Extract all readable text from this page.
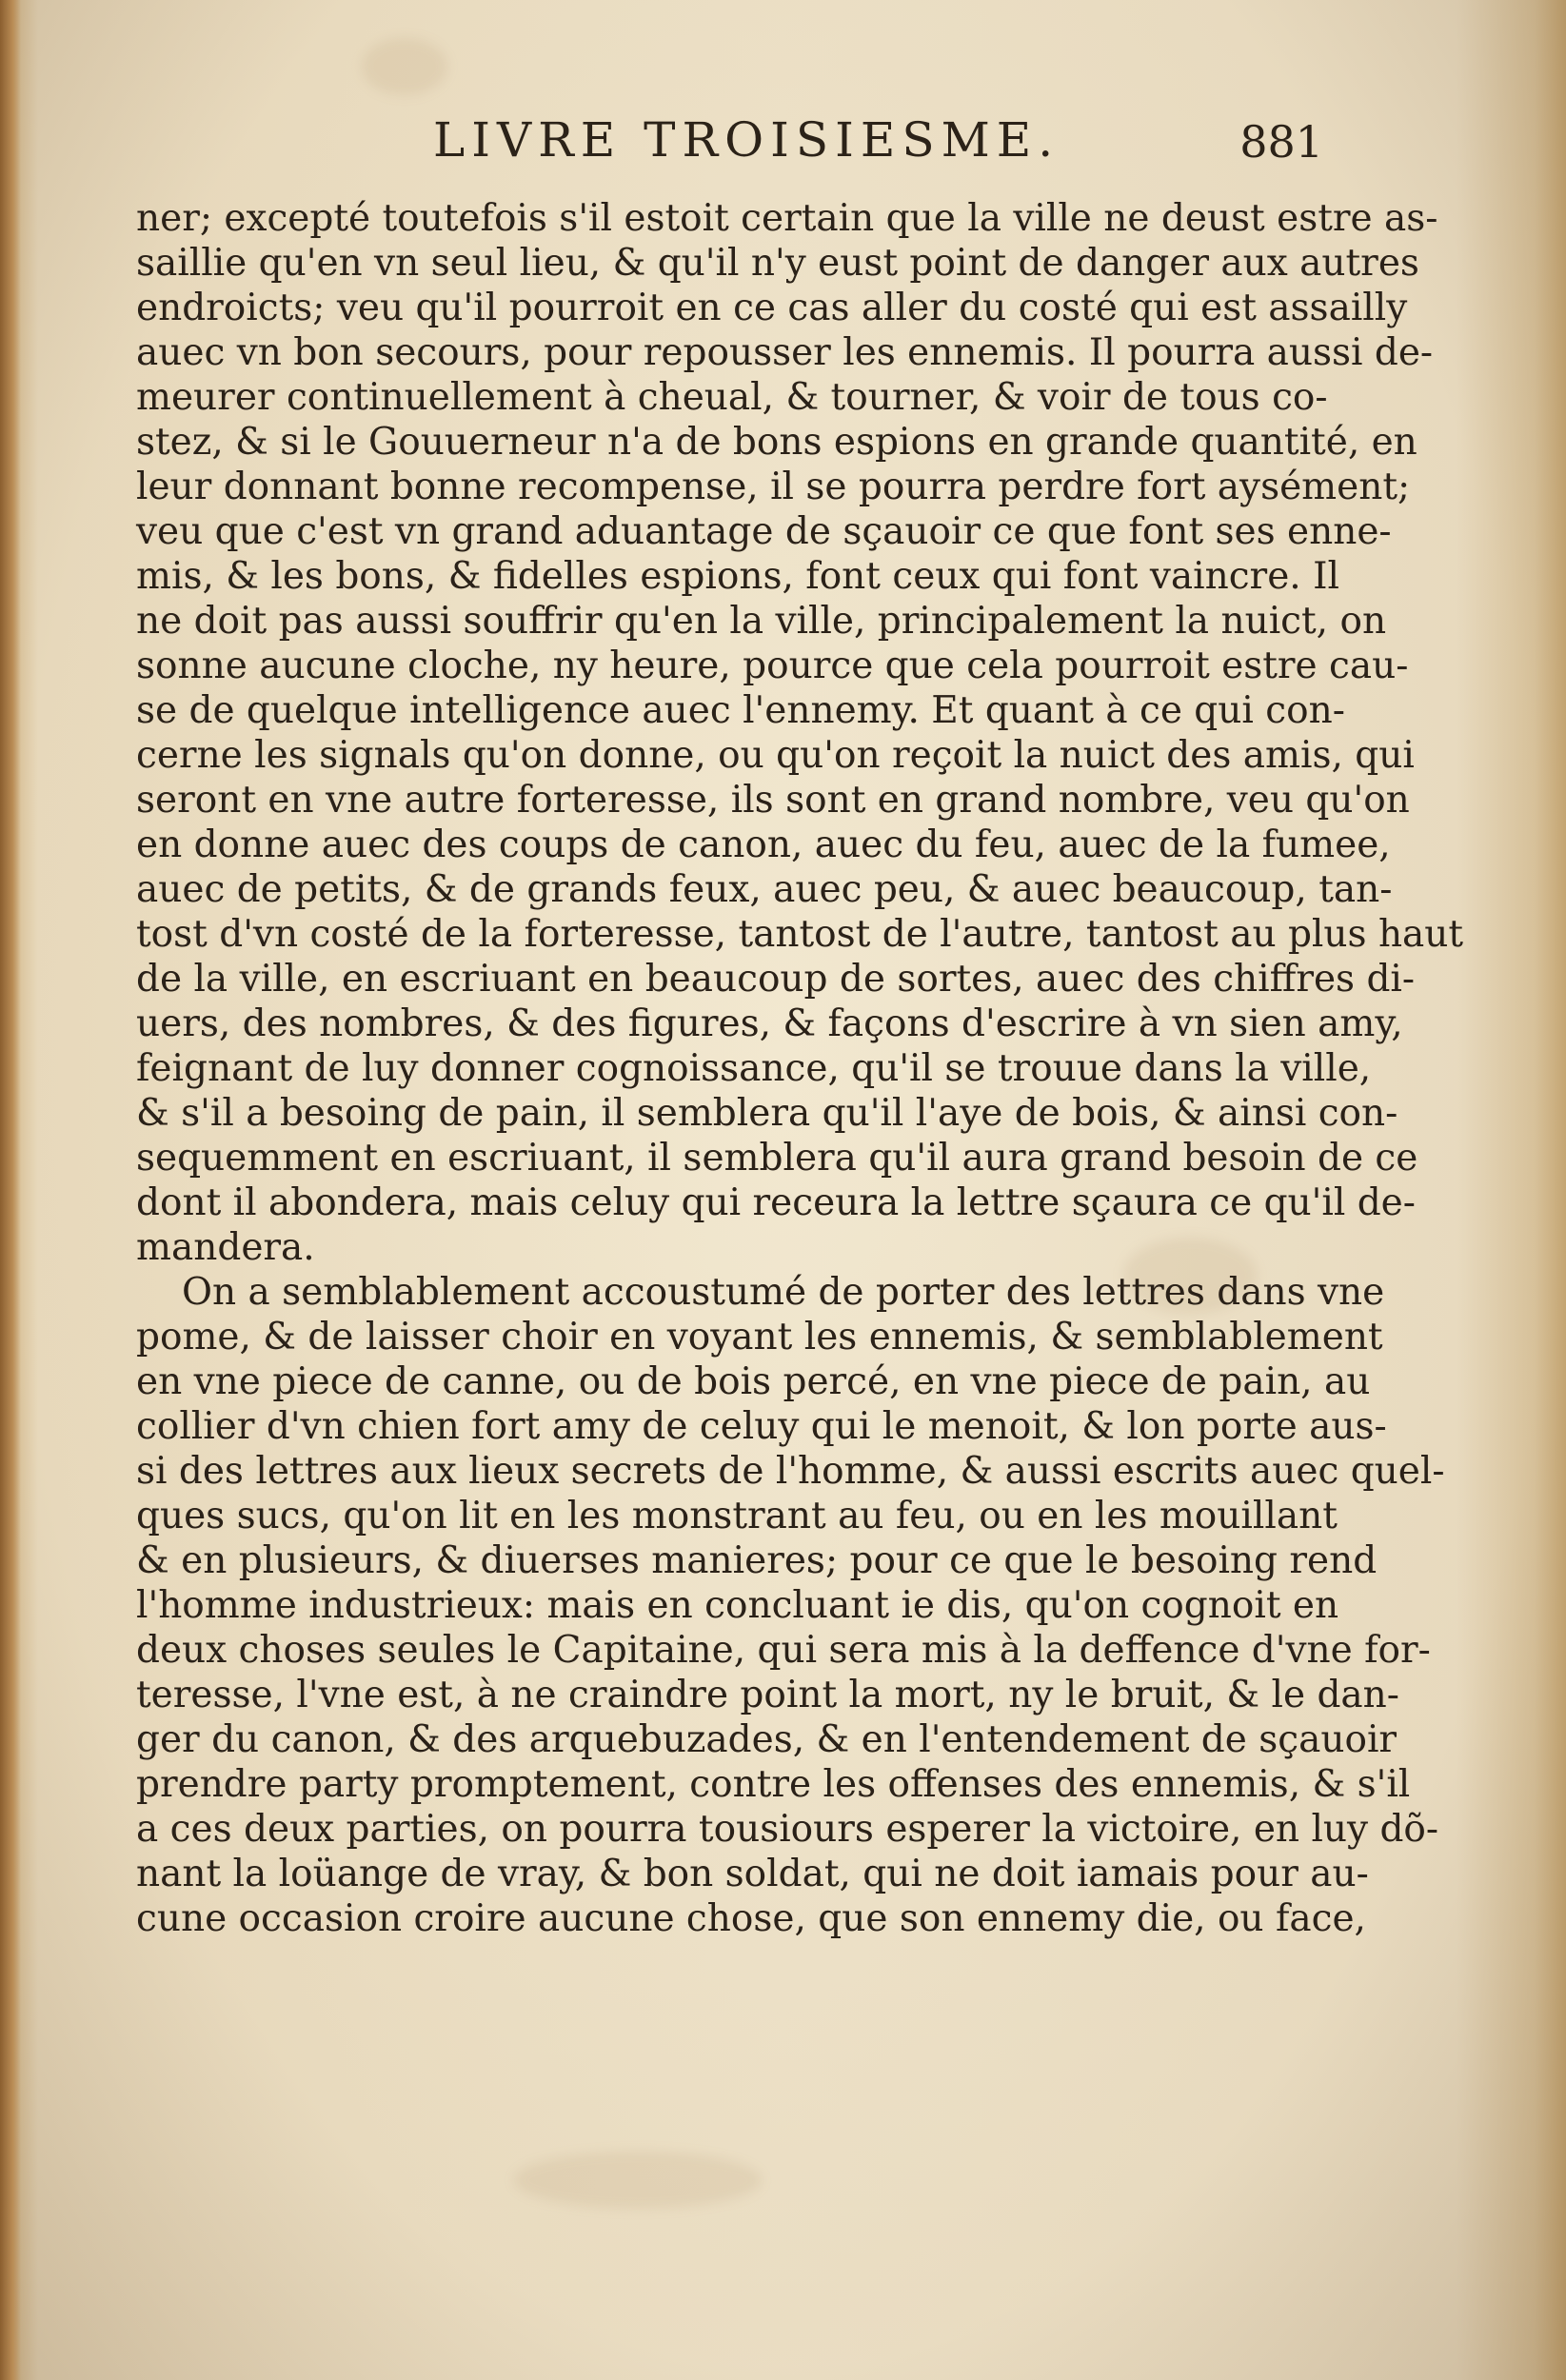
LIVRE TROISIESME.	881
ner; excepté toutefois s'il estoit certain que la ville ne deust estre as-
saillie qu'en vn seul lieu, & qu'il n'y eust point de danger aux autres
endroicts; veu qu'il pourroit en ce cas aller du costé qui est assailly
auec vn bon secours, pour repousser les ennemis. Il pourra aussi de-
meurer continuellement à cheual, & tourner, & voir de tous co-
stez, & si le Gouuerneur n'a de bons espions en grande quantité, en
leur donnant bonne recompense, il se pourra perdre fort aysément;
veu que c'est vn grand aduantage de sçauoir ce que font ses enne-
mis, & les bons, & fidelles espions, font ceux qui font vaincre. Il
ne doit pas aussi souffrir qu'en la ville, principalement la nuict, on
sonne aucune cloche, ny heure, pource que cela pourroit estre cau-
se de quelque intelligence auec l'ennemy. Et quant à ce qui con-
cerne les signals qu'on donne, ou qu'on reçoit la nuict des amis, qui
seront en vne autre forteresse, ils sont en grand nombre, veu qu'on
en donne auec des coups de canon, auec du feu, auec de la fumee,
auec de petits, & de grands feux, auec peu, & auec beaucoup, tan-
tost d'vn costé de la forteresse, tantost de l'autre, tantost au plus haut
de la ville, en escriuant en beaucoup de sortes, auec des chiffres di-
uers, des nombres, & des figures, & façons d'escrire à vn sien amy,
feignant de luy donner cognoissance, qu'il se trouue dans la ville,
& s'il a besoing de pain, il semblera qu'il l'aye de bois, & ainsi con-
sequemment en escriuant, il semblera qu'il aura grand besoin de ce
dont il abondera, mais celuy qui receura la lettre sçaura ce qu'il de-
mandera.
On a semblablement accoustumé de porter des lettres dans vne
pome, & de laisser choir en voyant les ennemis, & semblablement
en vne piece de canne, ou de bois percé, en vne piece de pain, au
collier d'vn chien fort amy de celuy qui le menoit, & lon porte aus-
si des lettres aux lieux secrets de l'homme, & aussi escrits auec quel-
ques sucs, qu'on lit en les monstrant au feu, ou en les mouillant
& en plusieurs, & diuerses manieres; pour ce que le besoing rend
l'homme industrieux: mais en concluant ie dis, qu'on cognoit en
deux choses seules le Capitaine, qui sera mis à la deffence d'vne for-
teresse, l'vne est, à ne craindre point la mort, ny le bruit, & le dan-
ger du canon, & des arquebuzades, & en l'entendement de sçauoir
prendre party promptement, contre les offenses des ennemis, & s'il
a ces deux parties, on pourra tousiours esperer la victoire, en luy dõ-
nant la loüange de vray, & bon soldat, qui ne doit iamais pour au-
cune occasion croire aucune chose, que son ennemy die, ou face,
